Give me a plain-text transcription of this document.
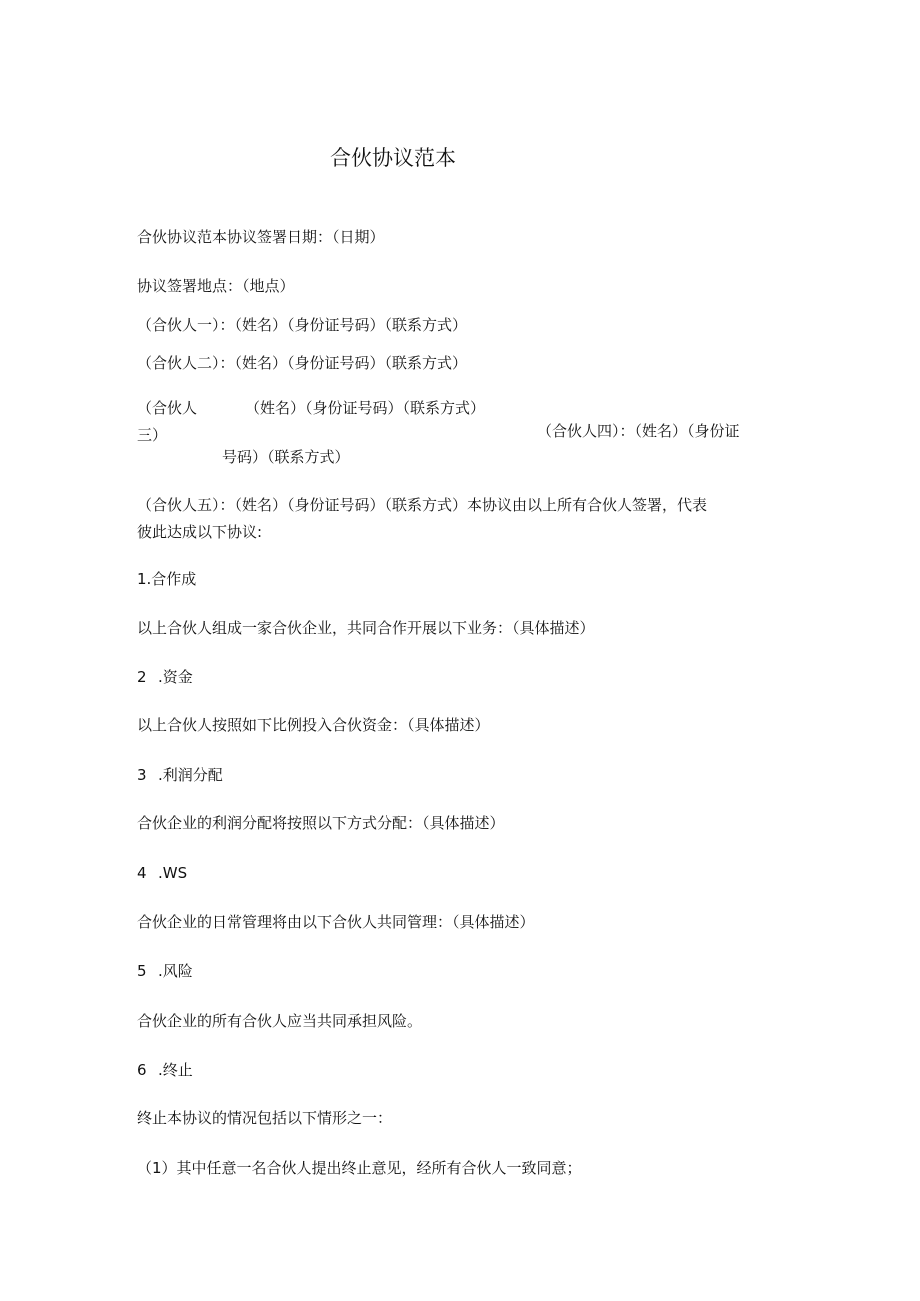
合伙协议范本
合伙协议范本协议签署日期：（日期）
协议签署地点：（地点）
（合伙人一）：（姓名）（身份证号码）（联系方式）
（合伙人二）：（姓名）（身份证号码）（联系方式）
（合伙人
三）
（姓名）（身份证号码）（联系方式）
（合伙人四）：（姓名）（身份证
号码）（联系方式）
（合伙人五）：（姓名）（身份证号码）（联系方式）本协议由以上所有合伙人签署，代表
彼此达成以下协议:
1.合作成
以上合伙人组成一家合伙企业，共同合作开展以下业务：（具体描述）
2 .资金
以上合伙人按照如下比例投入合伙资金：（具体描述）
3 .利润分配
合伙企业的利润分配将按照以下方式分配：（具体描述）
4 .WS
合伙企业的日常管理将由以下合伙人共同管理：（具体描述）
5 .风险
合伙企业的所有合伙人应当共同承担风险。
6 .终止
终止本协议的情况包括以下情形之一：
（1）其中任意一名合伙人提出终止意见，经所有合伙人一致同意；
